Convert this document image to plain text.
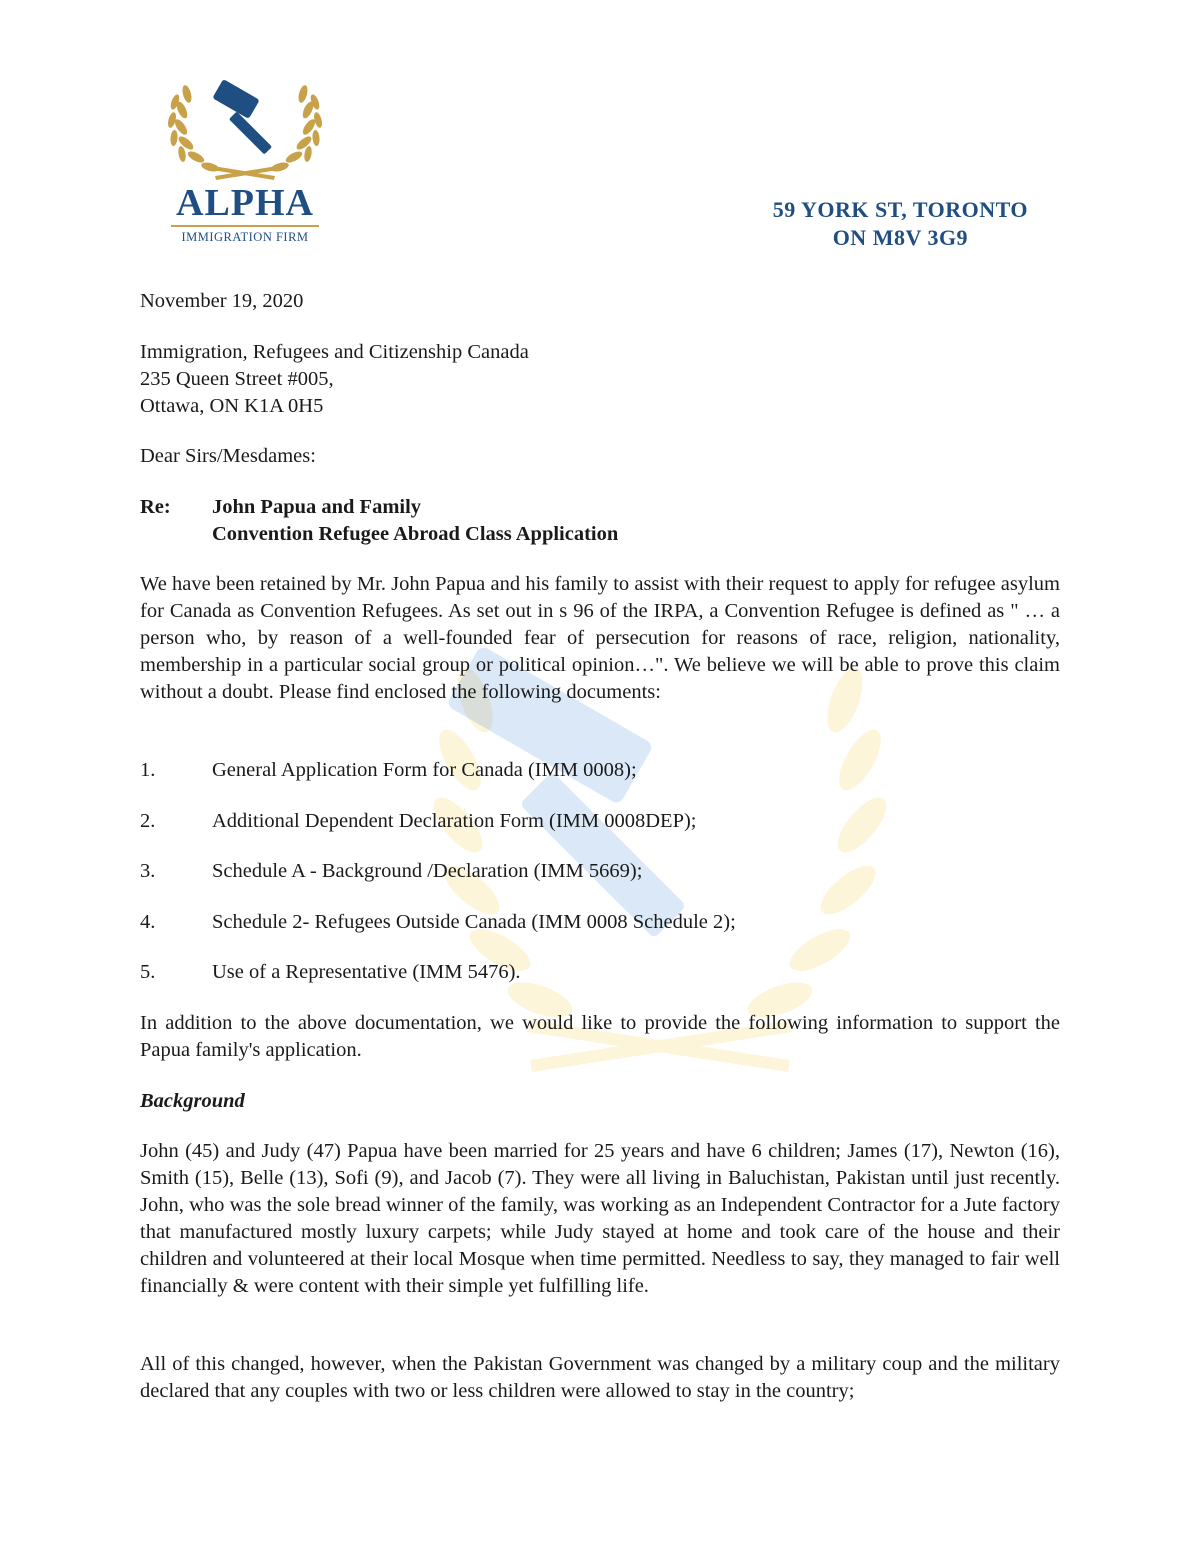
ALPHA
IMMIGRATION FIRM
59 YORK ST, TORONTO
ON M8V 3G9
November 19, 2020
Immigration, Refugees and Citizenship Canada
235 Queen Street #005,
Ottawa, ON K1A 0H5
Dear Sirs/Mesdames:
Re: John Papua and Family
Convention Refugee Abroad Class Application
We have been retained by Mr. John Papua and his family to assist with their request to apply for refugee asylum for Canada as Convention Refugees. As set out in s 96 of the IRPA, a Convention Refugee is defined as " … a person who, by reason of a well-founded fear of persecution for reasons of race, religion, nationality, membership in a particular social group or political opinion…". We believe we will be able to prove this claim without a doubt. Please find enclosed the following documents:
1.	General Application Form for Canada (IMM 0008);
2.	Additional Dependent Declaration Form (IMM 0008DEP);
3.	Schedule A - Background /Declaration (IMM 5669);
4.	Schedule 2- Refugees Outside Canada (IMM 0008 Schedule 2);
5.	Use of a Representative (IMM 5476).
In addition to the above documentation, we would like to provide the following information to support the Papua family's application.
Background
John (45) and Judy (47) Papua have been married for 25 years and have 6 children; James (17), Newton (16), Smith (15), Belle (13), Sofi (9), and Jacob (7). They were all living in Baluchistan, Pakistan until just recently. John, who was the sole bread winner of the family, was working as an Independent Contractor for a Jute factory that manufactured mostly luxury carpets; while Judy stayed at home and took care of the house and their children and volunteered at their local Mosque when time permitted. Needless to say, they managed to fair well financially & were content with their simple yet fulfilling life.
All of this changed, however, when the Pakistan Government was changed by a military coup and the military declared that any couples with two or less children were allowed to stay in the country;
